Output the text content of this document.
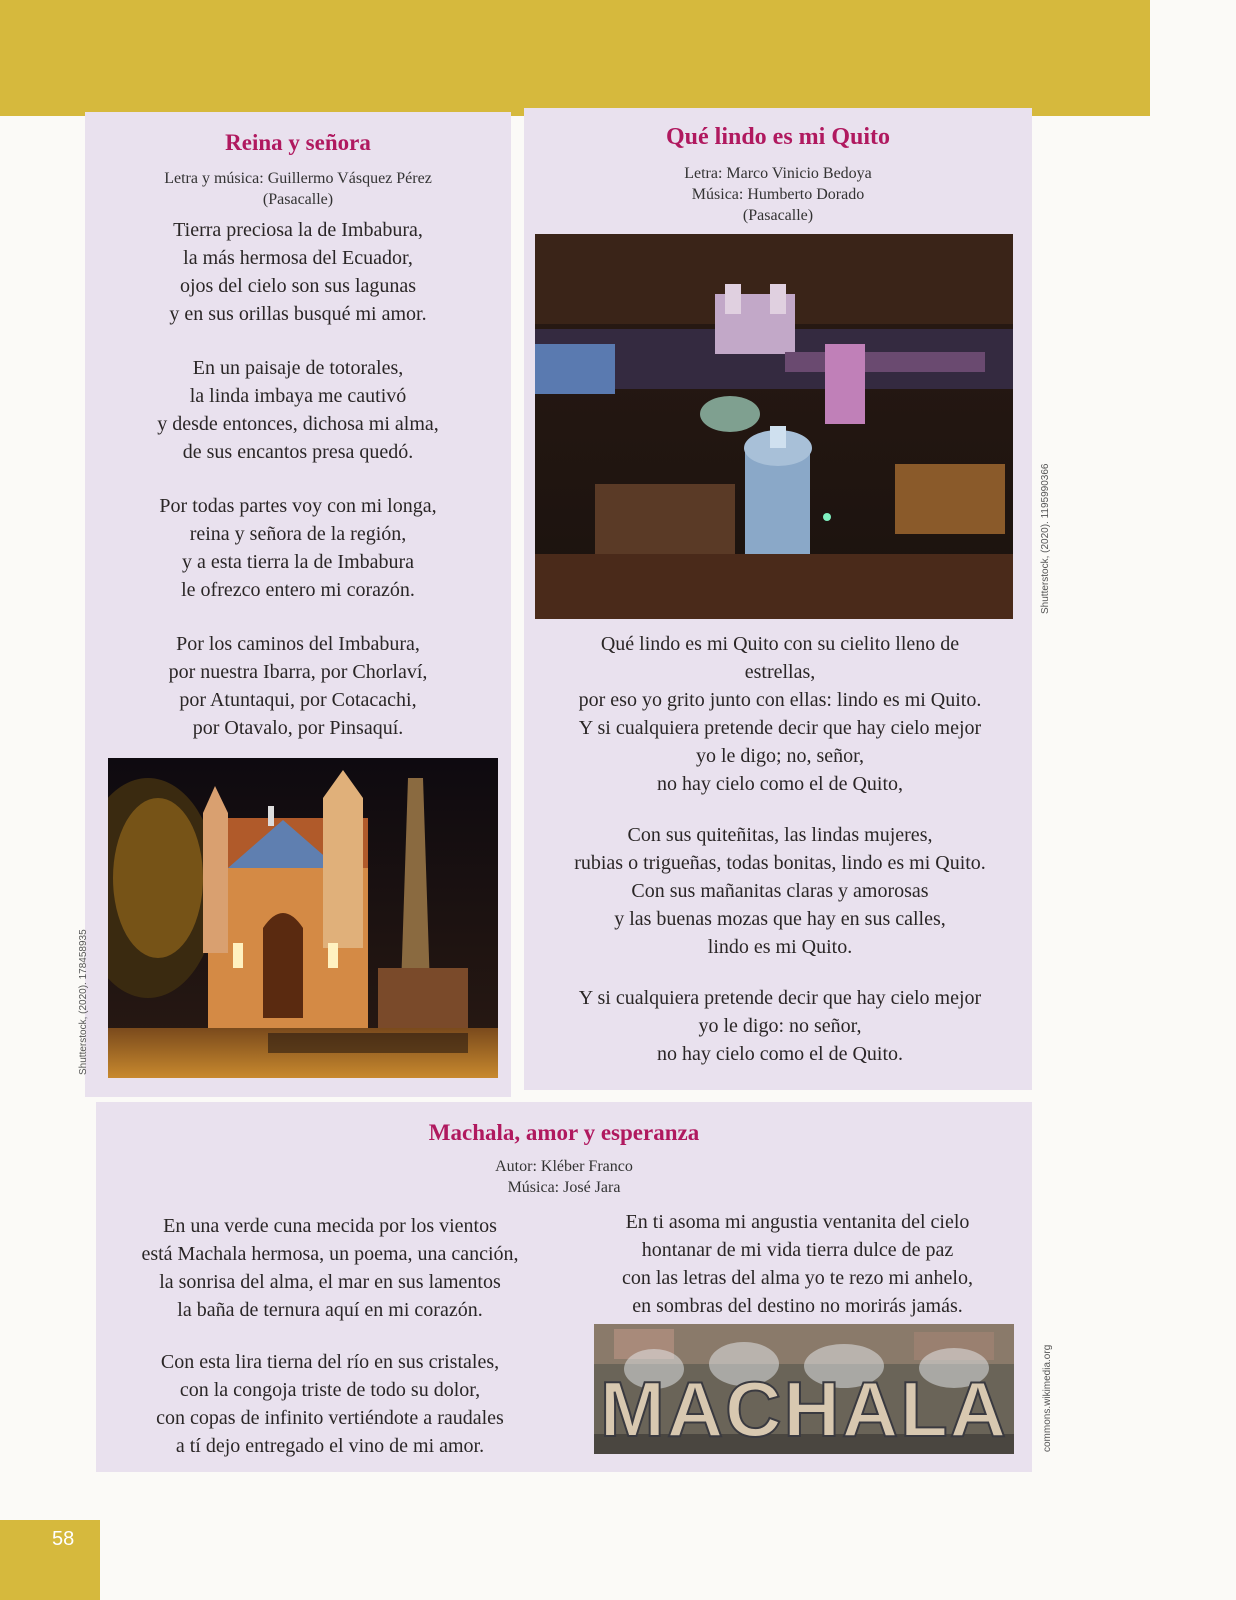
Reina y señora
Letra y música: Guillermo Vásquez Pérez
(Pasacalle)
Tierra preciosa la de Imbabura,
la más hermosa del Ecuador,
ojos del cielo son sus lagunas
y en sus orillas busqué mi amor.
En un paisaje de totorales,
la linda imbaya me cautivó
y desde entonces, dichosa mi alma,
de sus encantos presa quedó.
Por todas partes voy con mi longa,
reina y señora de la región,
y a esta tierra la de Imbabura
le ofrezco entero mi corazón.
Por los caminos del Imbabura,
por nuestra Ibarra, por Chorlaví,
por Atuntaqui, por Cotacachi,
por Otavalo, por Pinsaquí.
Shutterstock, (2020). 178458935
Qué lindo es mi Quito
Letra: Marco Vinicio Bedoya
Música: Humberto Dorado
(Pasacalle)
Shutterstock, (2020). 1195990366
Qué lindo es mi Quito con su cielito lleno de
estrellas,
por eso yo grito junto con ellas: lindo es mi Quito.
Y si cualquiera pretende decir que hay cielo mejor
yo le digo; no, señor,
no hay cielo como el de Quito,
Con sus quiteñitas, las lindas mujeres,
rubias o trigueñas, todas bonitas, lindo es mi Quito.
Con sus mañanitas claras y amorosas
y las buenas mozas que hay en sus calles,
lindo es mi Quito.
Y si cualquiera pretende decir que hay cielo mejor
yo le digo: no señor,
no hay cielo como el de Quito.
Machala, amor y esperanza
Autor: Kléber Franco
Música: José Jara
En una verde cuna mecida por los vientos
está Machala hermosa, un poema, una canción,
la sonrisa del alma, el mar en sus lamentos
la baña de ternura aquí en mi corazón.
Con esta lira tierna del río en sus cristales,
con la congoja triste de todo su dolor,
con copas de infinito vertiéndote a raudales
a tí dejo entregado el vino de mi amor.
En ti asoma mi angustia ventanita del cielo
hontanar de mi vida tierra dulce de paz
con las letras del alma yo te rezo mi anhelo,
en sombras del destino no morirás jamás.
MACHALA	commons.wikimedia.org
58
